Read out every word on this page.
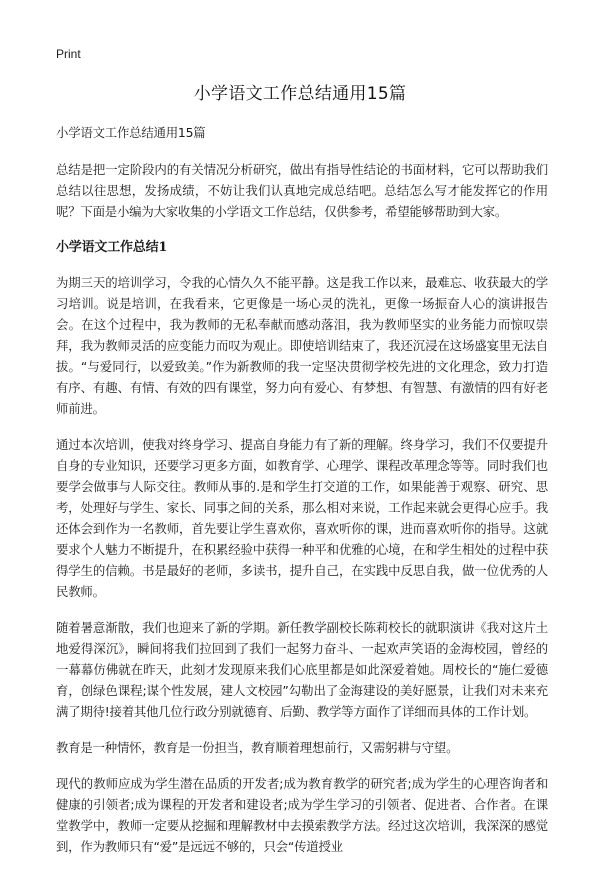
Print
小学语文工作总结通用15篇

小学语文工作总结通用15篇

总结是把一定阶段内的有关情况分析研究，做出有指导性结论的书面材料，它可以帮助我们总结以往思想，发扬成绩，不妨让我们认真地完成总结吧。总结怎么写才能发挥它的作用呢？下面是小编为大家收集的小学语文工作总结，仅供参考，希望能够帮助到大家。

小学语文工作总结1

为期三天的培训学习，令我的心情久久不能平静。这是我工作以来，最难忘、收获最大的学习培训。说是培训，在我看来，它更像是一场心灵的洗礼，更像一场振奋人心的演讲报告会。在这个过程中，我为教师的无私奉献而感动落泪，我为教师坚实的业务能力而惊叹崇拜，我为教师灵活的应变能力而叹为观止。即使培训结束了，我还沉浸在这场盛宴里无法自拔。“与爱同行，以爱致美。”作为新教师的我一定坚决贯彻学校先进的文化理念，致力打造有序、有趣、有情、有效的四有课堂，努力向有爱心、有梦想、有智慧、有激情的四有好老师前进。

通过本次培训，使我对终身学习、提高自身能力有了新的理解。终身学习，我们不仅要提升自身的专业知识，还要学习更多方面，如教育学、心理学、课程改革理念等等。同时我们也要学会做事与人际交往。教师从事的.是和学生打交道的工作，如果能善于观察、研究、思考，处理好与学生、家长、同事之间的关系，那么相对来说，工作起来就会更得心应手。我还体会到作为一名教师，首先要让学生喜欢你，喜欢听你的课，进而喜欢听你的指导。这就要求个人魅力不断提升，在积累经验中获得一种平和优雅的心境，在和学生相处的过程中获得学生的信赖。书是最好的老师，多读书，提升自己，在实践中反思自我，做一位优秀的人民教师。

随着暑意渐散，我们也迎来了新的学期。新任教学副校长陈莉校长的就职演讲《我对这片土地爱得深沉》，瞬间将我们拉回到了我们一起努力奋斗、一起欢声笑语的金海校园，曾经的一幕幕仿佛就在昨天，此刻才发现原来我们心底里都是如此深爱着她。周校长的“施仁爱德育，创绿色课程;谋个性发展，建人文校园”勾勒出了金海建设的美好愿景，让我们对未来充满了期待!接着其他几位行政分别就德育、后勤、教学等方面作了详细而具体的工作计划。

教育是一种情怀，教育是一份担当，教育顺着理想前行，又需躬耕与守望。

现代的教师应成为学生潜在品质的开发者;成为教育教学的研究者;成为学生的心理咨询者和健康的引领者;成为课程的开发者和建设者;成为学生学习的引领者、促进者、合作者。在课堂教学中，教师一定要从挖掘和理解教材中去摸索教学方法。经过这次培训，我深深的感觉到，作为教师只有“爱”是远远不够的，只会“传道授业
